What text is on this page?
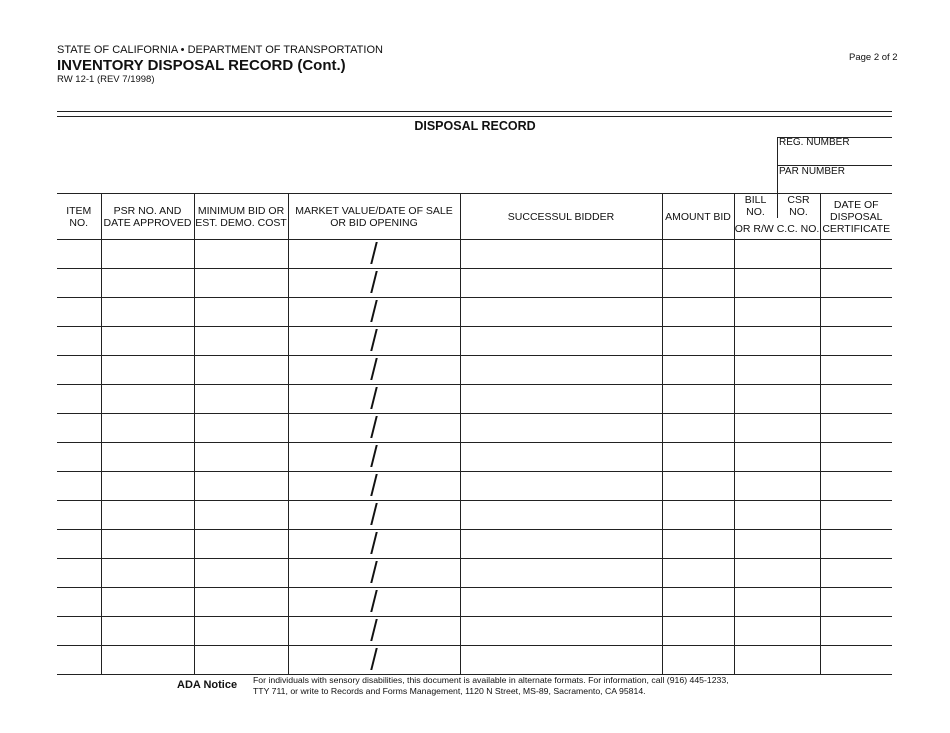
STATE OF CALIFORNIA • DEPARTMENT OF TRANSPORTATION
INVENTORY DISPOSAL RECORD (Cont.)
RW 12-1 (REV 7/1998)
Page 2 of 2
DISPOSAL RECORD
REG. NUMBER
PAR NUMBER
ITEM NO.	PSR NO. AND DATE APPROVED	MINIMUM BID OR EST. DEMO. COST	MARKET VALUE/DATE OF SALE OR BID OPENING	SUCCESSUL BIDDER	AMOUNT BID	BILL NO.	CSR NO.	DATE OF DISPOSAL CERTIFICATE
						OR R/W C.C. NO.		

ADA Notice For individuals with sensory disabilities, this document is available in alternate formats. For information, call (916) 445-1233,
TTY 711, or write to Records and Forms Management, 1120 N Street, MS-89, Sacramento, CA 95814.
